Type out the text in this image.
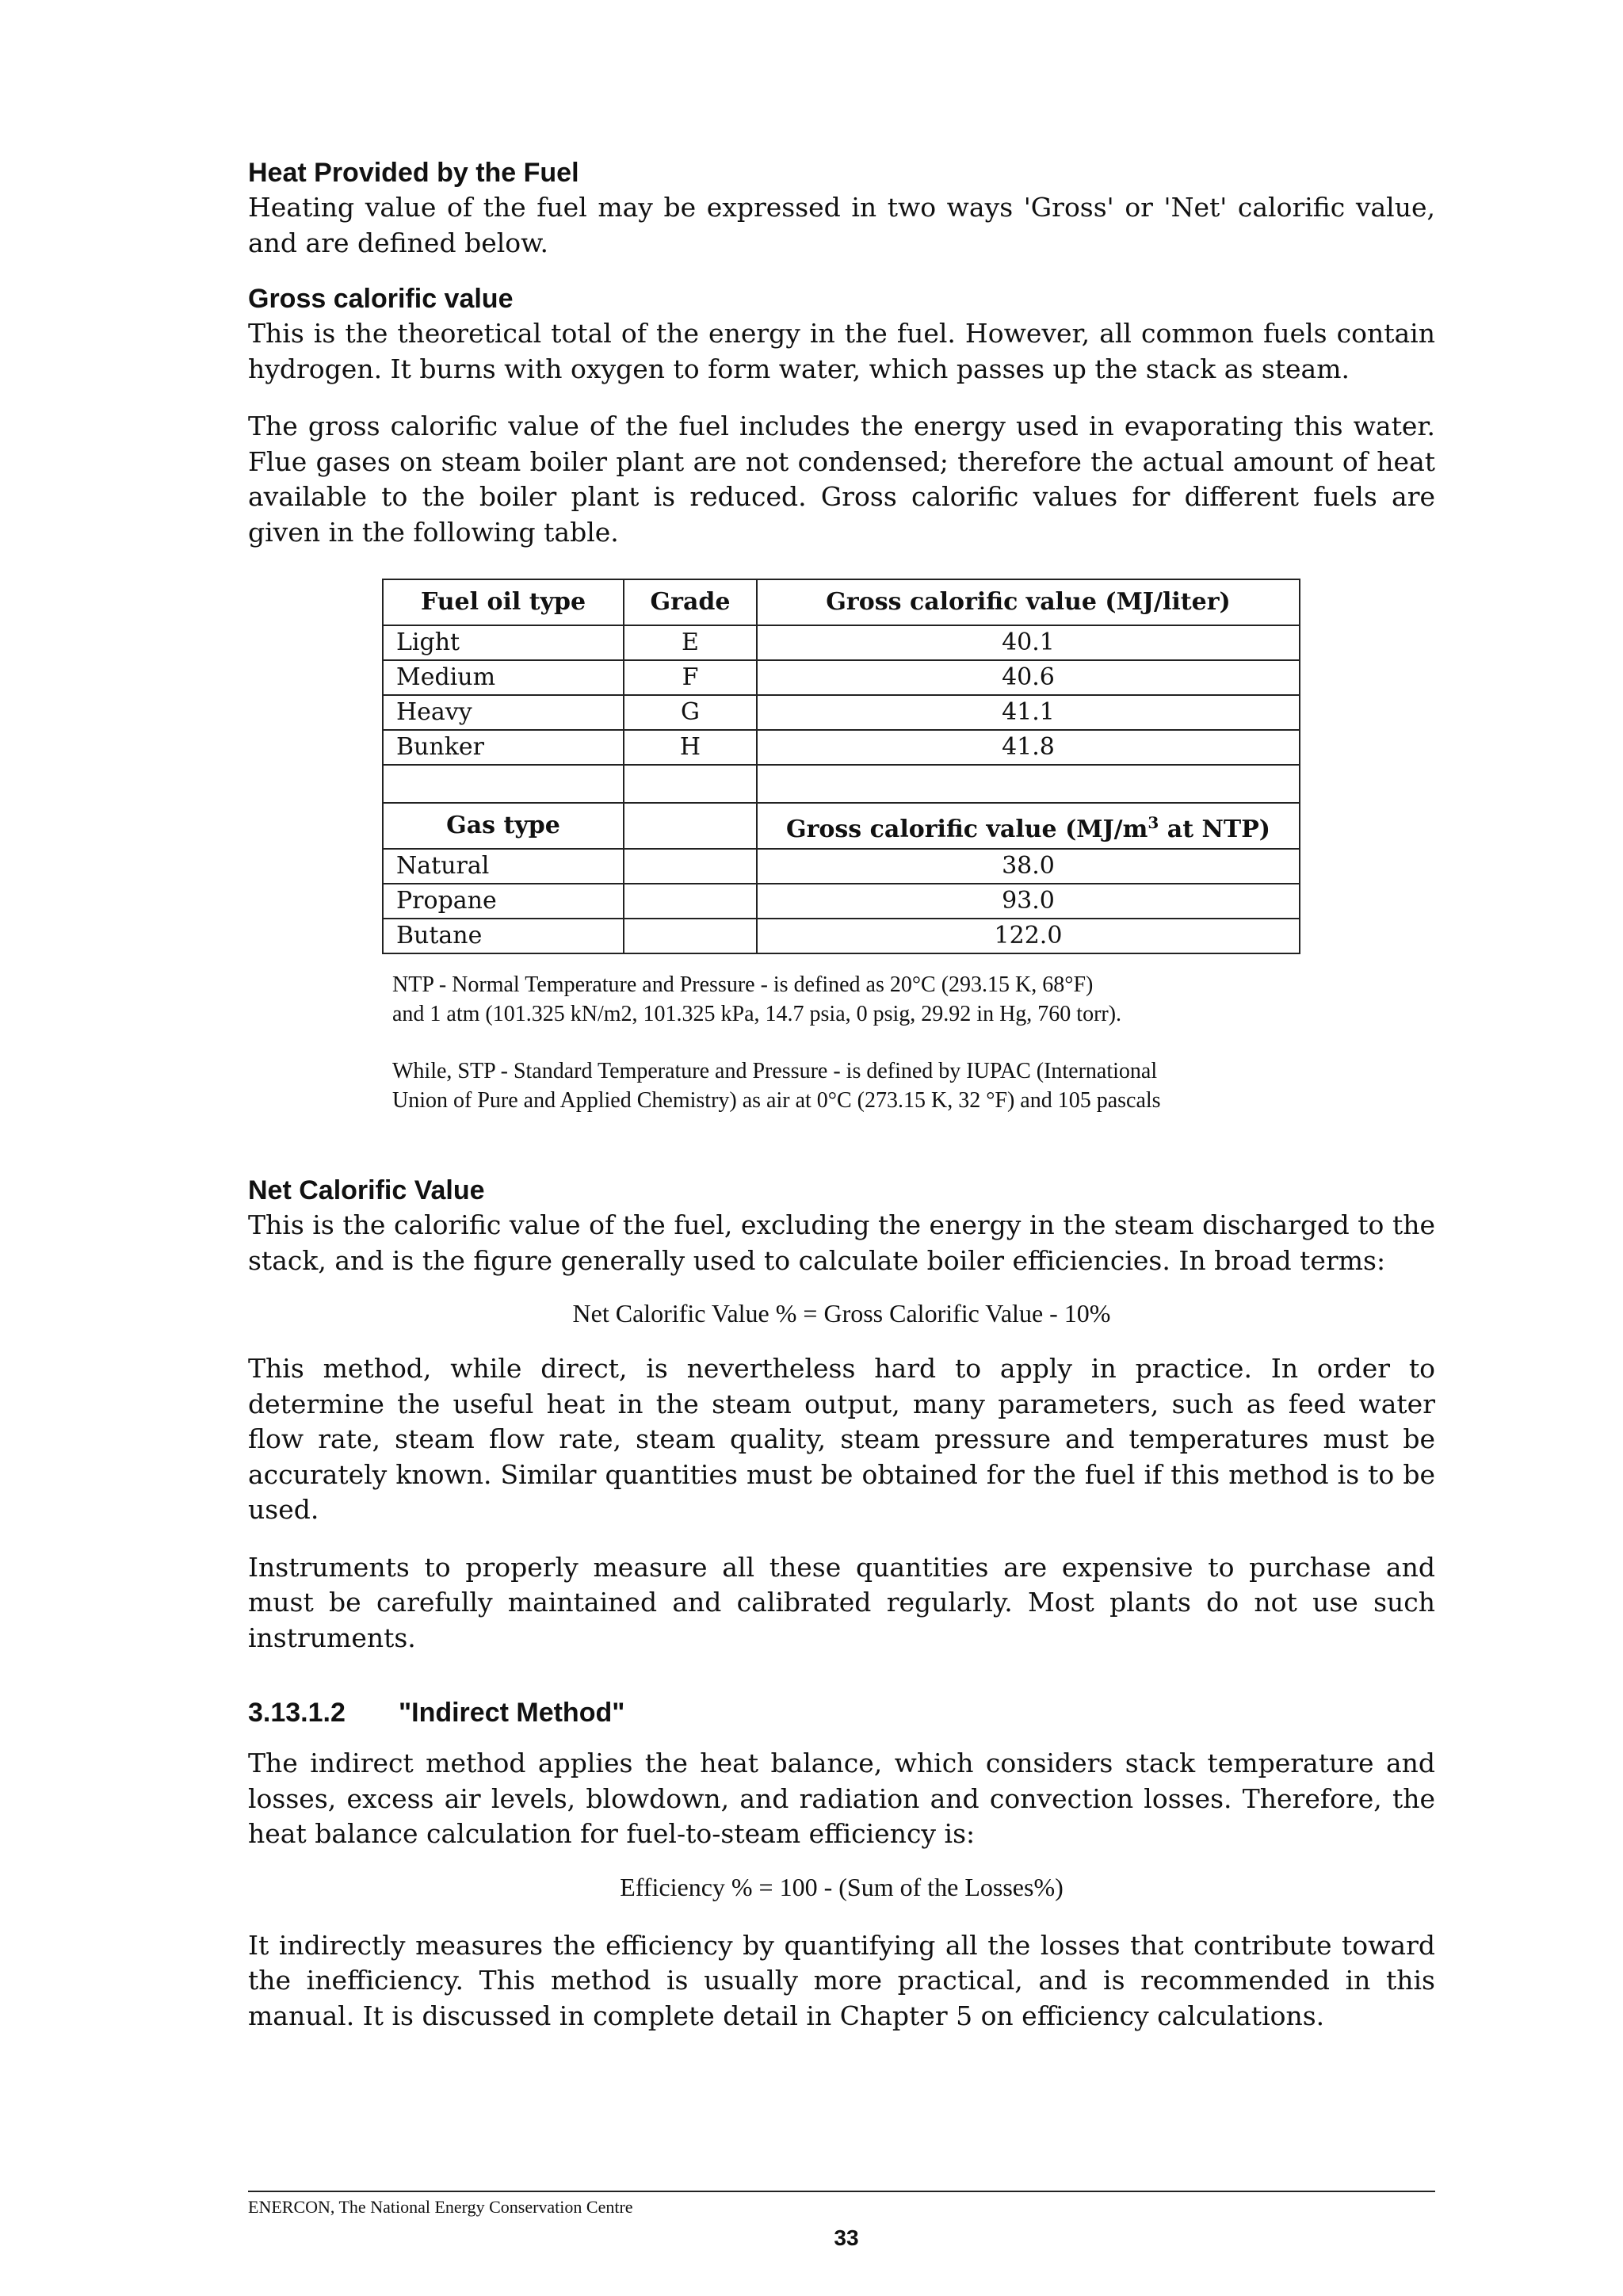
Heat Provided by the Fuel

Heating value of the fuel may be expressed in two ways 'Gross' or 'Net' calorific value, and are defined below.

Gross calorific value

This is the theoretical total of the energy in the fuel. However, all common fuels contain hydrogen. It burns with oxygen to form water, which passes up the stack as steam.

The gross calorific value of the fuel includes the energy used in evaporating this water. Flue gases on steam boiler plant are not condensed; therefore the actual amount of heat available to the boiler plant is reduced. Gross calorific values for different fuels are given in the following table.

Fuel oil type	Grade	Gross calorific value (MJ/liter)
Light	E	40.1
Medium	F	40.6
Heavy	G	41.1
Bunker	H	41.8

Gas type		Gross calorific value ($MJ/m^3$ at NTP)
Natural		38.0
Propane		93.0
Butane		122.0

NTP - Normal Temperature and Pressure - is defined as 20°C (293.15 K, 68°F)

and 1 atm (101.325 kN/m2, 101.325 kPa, 14.7 psia, 0 psig, 29.92 in Hg, 760 torr).

While, STP - Standard Temperature and Pressure - is defined by IUPAC (International

Union of Pure and Applied Chemistry) as air at 0°C (273.15 K, 32 °F) and 105 pascals

Net Calorific Value

This is the calorific value of the fuel, excluding the energy in the steam discharged to the stack, and is the figure generally used to calculate boiler efficiencies. In broad terms:

Net Calorific Value % = Gross Calorific Value - 10%

This method, while direct, is nevertheless hard to apply in practice. In order to determine the useful heat in the steam output, many parameters, such as feed water flow rate, steam flow rate, steam quality, steam pressure and temperatures must be accurately known. Similar quantities must be obtained for the fuel if this method is to be used.

Instruments to properly measure all these quantities are expensive to purchase and must be carefully maintained and calibrated regularly. Most plants do not use such instruments.

3.13.1.2	"Indirect Method"

The indirect method applies the heat balance, which considers stack temperature and losses, excess air levels, blowdown, and radiation and convection losses. Therefore, the heat balance calculation for fuel-to-steam efficiency is:

Efficiency % = 100 - (Sum of the Losses%)

It indirectly measures the efficiency by quantifying all the losses that contribute toward the inefficiency. This method is usually more practical, and is recommended in this manual. It is discussed in complete detail in Chapter 5 on efficiency calculations.

ENERCON, The National Energy Conservation Centre
33
